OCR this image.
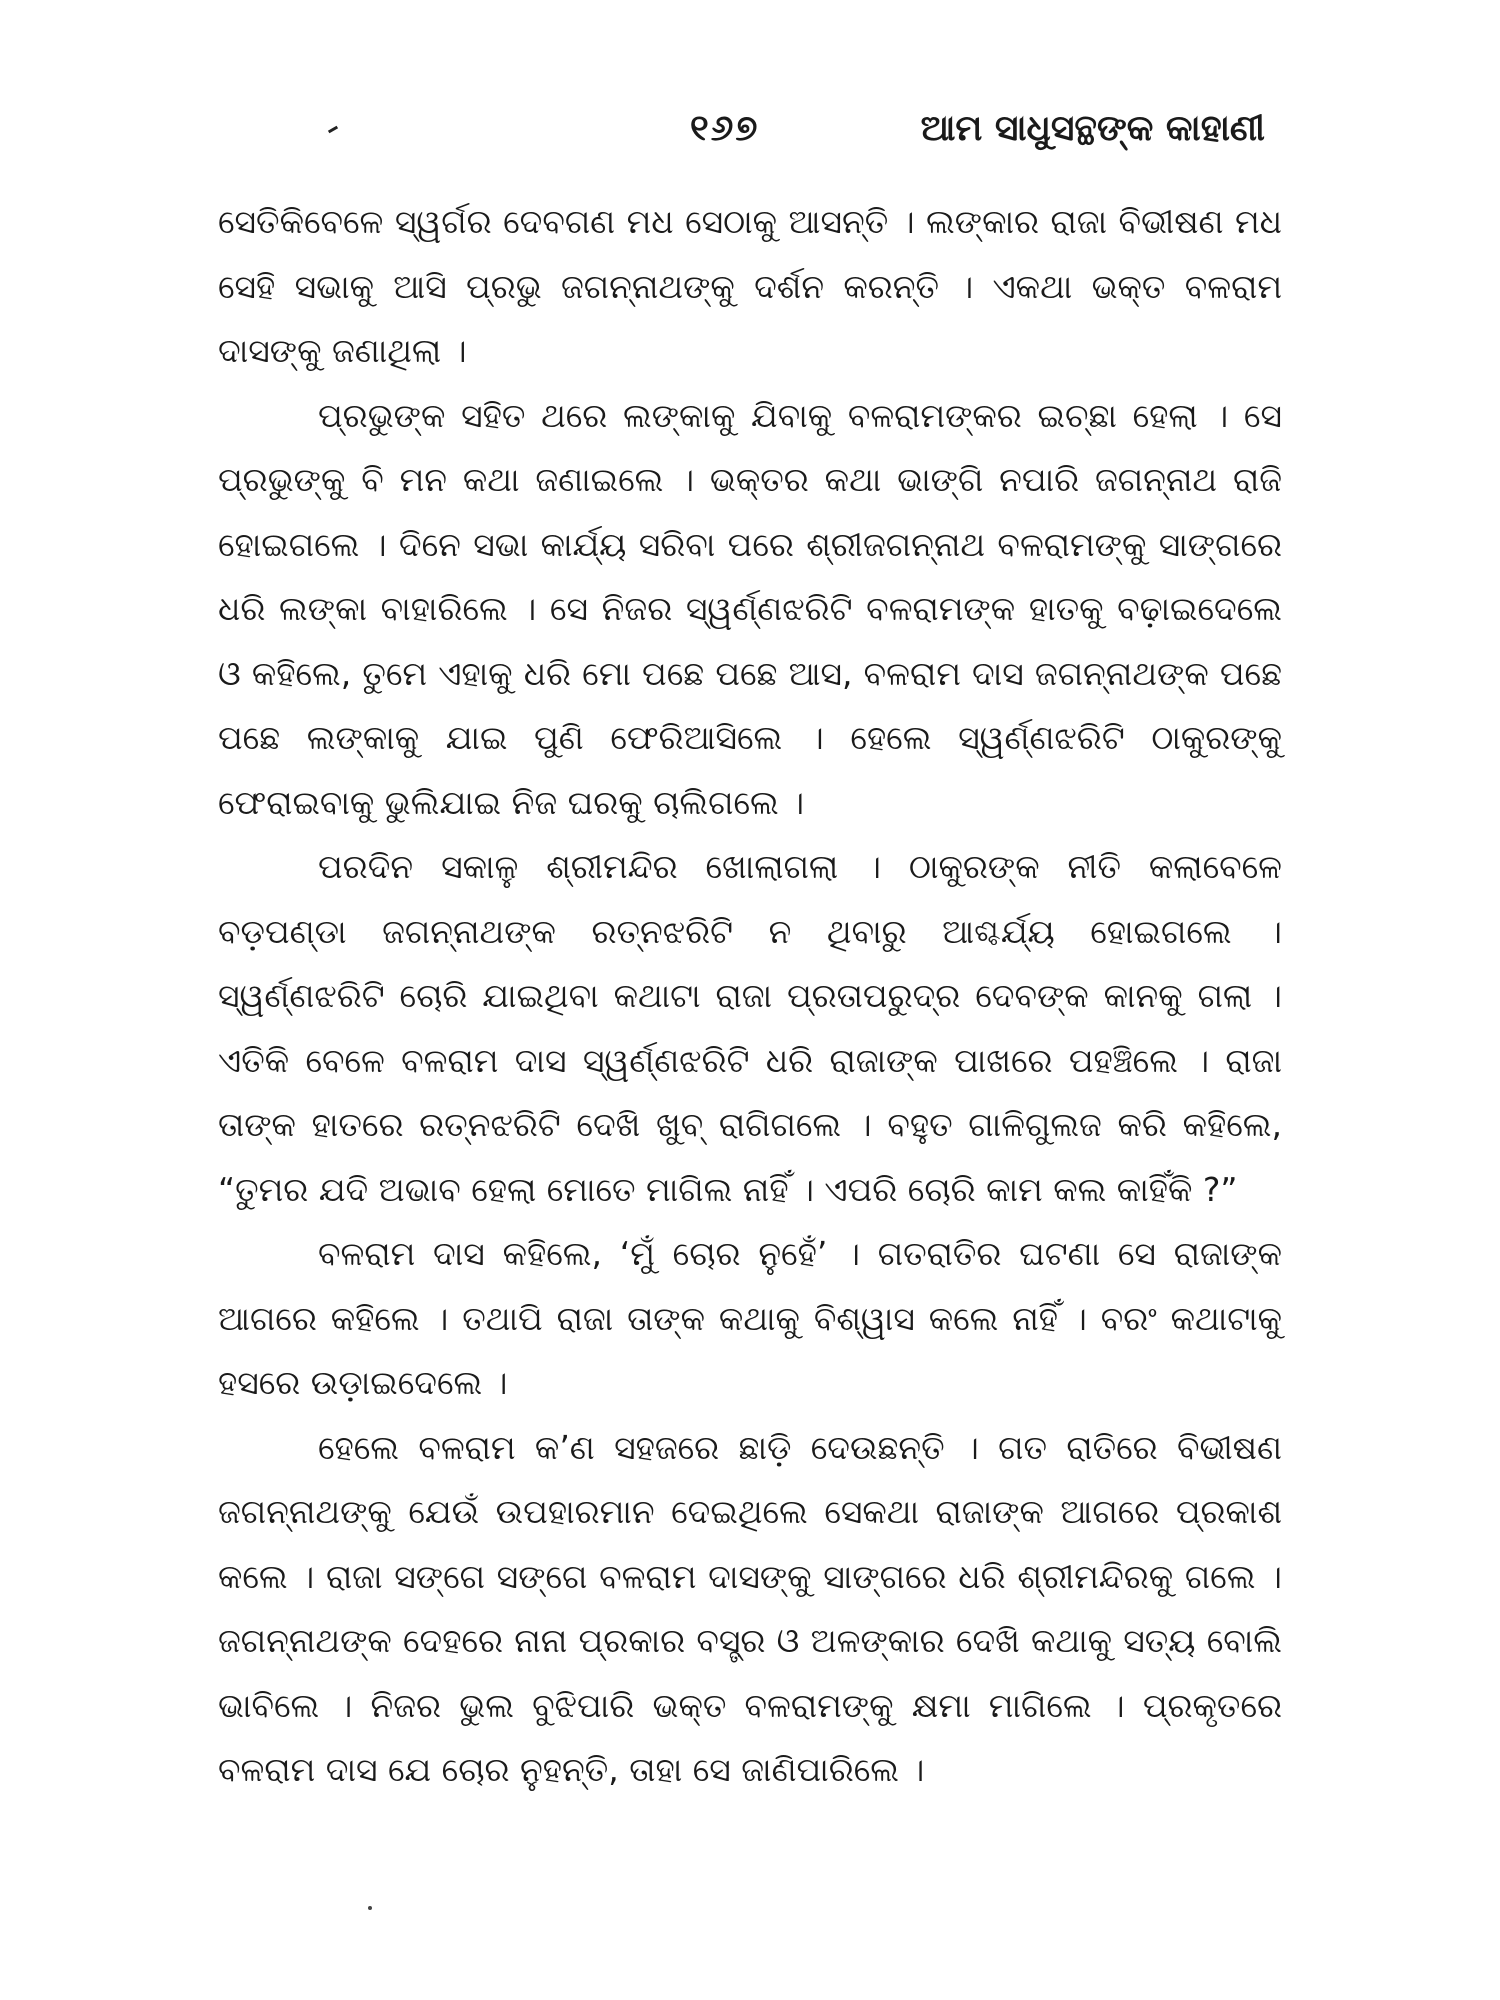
୧୬୭	ଆମ ସାଧୁସନ୍ଥଙ୍କ କାହାଣୀ

ସେତିକିବେଳେ ସ୍ୱର୍ଗର ଦେବଗଣ ମଧ ସେଠାକୁ ଆସନ୍ତି । ଲଙ୍କାର ରାଜା ବିଭୀଷଣ ମଧ ସେହି ସଭାକୁ ଆସି ପ୍ରଭୁ ଜଗନ୍ନାଥଙ୍କୁ ଦର୍ଶନ କରନ୍ତି । ଏକଥା ଭକ୍ତ ବଳରାମ ଦାସଙ୍କୁ ଜଣାଥିଲା ।

ପ୍ରଭୁଙ୍କ ସହିତ ଥରେ ଲଙ୍କାକୁ ଯିବାକୁ ବଳରାମଙ୍କର ଇଚ୍ଛା ହେଲା । ସେ ପ୍ରଭୁଙ୍କୁ ବି ମନ କଥା ଜଣାଇଲେ । ଭକ୍ତର କଥା ଭାଙ୍ଗି ନପାରି ଜଗନ୍ନାଥ ରାଜି ହୋଇଗଲେ । ଦିନେ ସଭା କାର୍ଯ୍ୟ ସରିବା ପରେ ଶ୍ରୀଜଗନ୍ନାଥ ବଳରାମଙ୍କୁ ସାଙ୍ଗରେ ଧରି ଲଙ୍କା ବାହାରିଲେ । ସେ ନିଜର ସ୍ୱର୍ଣ୍ଣଝରିଟି ବଳରାମଙ୍କ ହାତକୁ ବଢ଼ାଇଦେଲେ ଓ କହିଲେ, ତୁମେ ଏହାକୁ ଧରି ମୋ ପଛେ ପଛେ ଆସ, ବଳରାମ ଦାସ ଜଗନ୍ନାଥଙ୍କ ପଛେ ପଛେ ଲଙ୍କାକୁ ଯାଇ ପୁଣି ଫେରିଆସିଲେ । ହେଲେ ସ୍ୱର୍ଣ୍ଣଝରିଟି ଠାକୁରଙ୍କୁ ଫେରାଇବାକୁ ଭୁଲିଯାଇ ନିଜ ଘରକୁ ଚାଲିଗଲେ ।

ପରଦିନ ସକାଳୁ ଶ୍ରୀମନ୍ଦିର ଖୋଲାଗଲା । ଠାକୁରଙ୍କ ନୀତି କଲାବେଳେ ବଡ଼ପଣ୍ଡା ଜଗନ୍ନାଥଙ୍କ ରତ୍ନଝରିଟି ନ ଥିବାରୁ ଆଶ୍ଚର୍ଯ୍ୟ ହୋଇଗଲେ । ସ୍ୱର୍ଣ୍ଣଝରିଟି ଚୋରି ଯାଇଥିବା କଥାଟା ରାଜା ପ୍ରତାପରୁଦ୍ର ଦେବଙ୍କ କାନକୁ ଗଲା । ଏତିକି ବେଳେ ବଳରାମ ଦାସ ସ୍ୱର୍ଣ୍ଣଝରିଟି ଧରି ରାଜାଙ୍କ ପାଖରେ ପହଞ୍ଚିଲେ । ରାଜା ତାଙ୍କ ହାତରେ ରତ୍ନଝରିଟି ଦେଖି ଖୁବ୍ ରାଗିଗଲେ । ବହୁତ ଗାଳିଗୁଲଜ କରି କହିଲେ, “ତୁମର ଯଦି ଅଭାବ ହେଲା ମୋତେ ମାଗିଲ ନାହିଁ । ଏପରି ଚୋରି କାମ କଲ କାହିଁକି ?”

ବଳରାମ ଦାସ କହିଲେ, ‘ମୁଁ ଚୋର ନୁହେଁ’ । ଗତରାତିର ଘଟଣା ସେ ରାଜାଙ୍କ ଆଗରେ କହିଲେ । ତଥାପି ରାଜା ତାଙ୍କ କଥାକୁ ବିଶ୍ୱାସ କଲେ ନାହିଁ । ବରଂ କଥାଟାକୁ ହସରେ ଉଡ଼ାଇଦେଲେ ।

ହେଲେ ବଳରାମ କ’ଣ ସହଜରେ ଛାଡ଼ି ଦେଉଛନ୍ତି । ଗତ ରାତିରେ ବିଭୀଷଣ ଜଗନ୍ନାଥଙ୍କୁ ଯେଉଁ ଉପହାରମାନ ଦେଇଥିଲେ ସେକଥା ରାଜାଙ୍କ ଆଗରେ ପ୍ରକାଶ କଲେ । ରାଜା ସଙ୍ଗେ ସଙ୍ଗେ ବଳରାମ ଦାସଙ୍କୁ ସାଙ୍ଗରେ ଧରି ଶ୍ରୀମନ୍ଦିରକୁ ଗଲେ । ଜଗନ୍ନାଥଙ୍କ ଦେହରେ ନାନା ପ୍ରକାର ବସ୍ତ୍ର ଓ ଅଳଙ୍କାର ଦେଖି କଥାକୁ ସତ୍ୟ ବୋଲି ଭାବିଲେ । ନିଜର ଭୁଲ ବୁଝିପାରି ଭକ୍ତ ବଳରାମଙ୍କୁ କ୍ଷମା ମାଗିଲେ । ପ୍ରକୃତରେ ବଳରାମ ଦାସ ଯେ ଚୋର ନୁହନ୍ତି, ତାହା ସେ ଜାଣିପାରିଲେ ।
